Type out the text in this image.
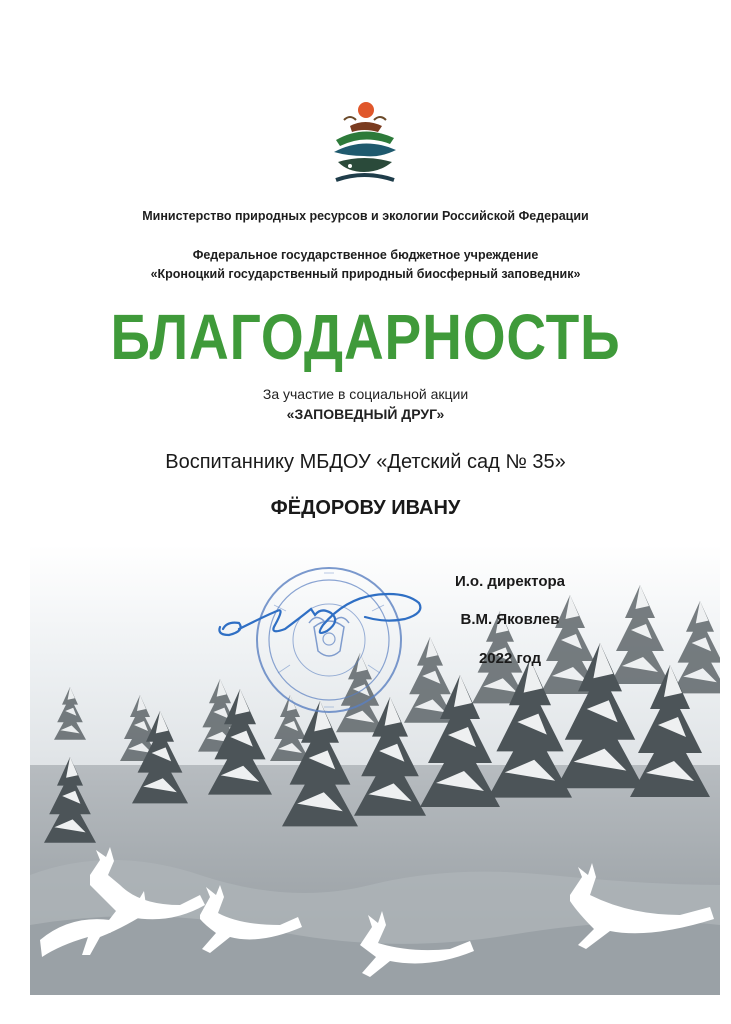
Министерство природных ресурсов и экологии Российской Федерации
Федеральное государственное бюджетное учреждение
«Кроноцкий государственный природный биосферный заповедник»
БЛАГОДАРНОСТЬ
За участие в социальной акции
«ЗАПОВЕДНЫЙ ДРУГ»
Воспитаннику МБДОУ «Детский сад № 35»
ФЁДОРОВУ ИВАНУ
И.о. директора
В.М. Яковлев
2022 год
